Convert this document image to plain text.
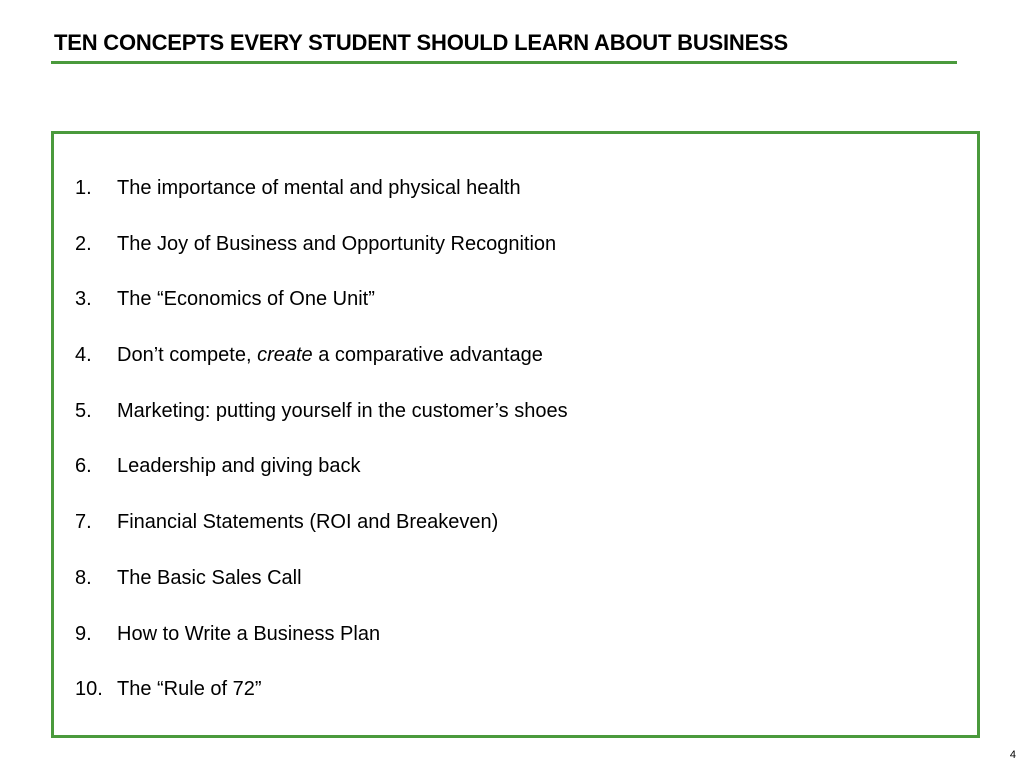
TEN CONCEPTS EVERY STUDENT SHOULD LEARN ABOUT BUSINESS
1.	The importance of mental and physical health
2.	The Joy of Business and Opportunity Recognition
3.	The “Economics of One Unit”
4.	Don’t compete, create a comparative advantage
5.	Marketing: putting yourself in the customer’s shoes
6.	Leadership and giving back
7.	Financial Statements (ROI and Breakeven)
8.	The Basic Sales Call
9.	How to Write a Business Plan
10. The “Rule of 72”
4
